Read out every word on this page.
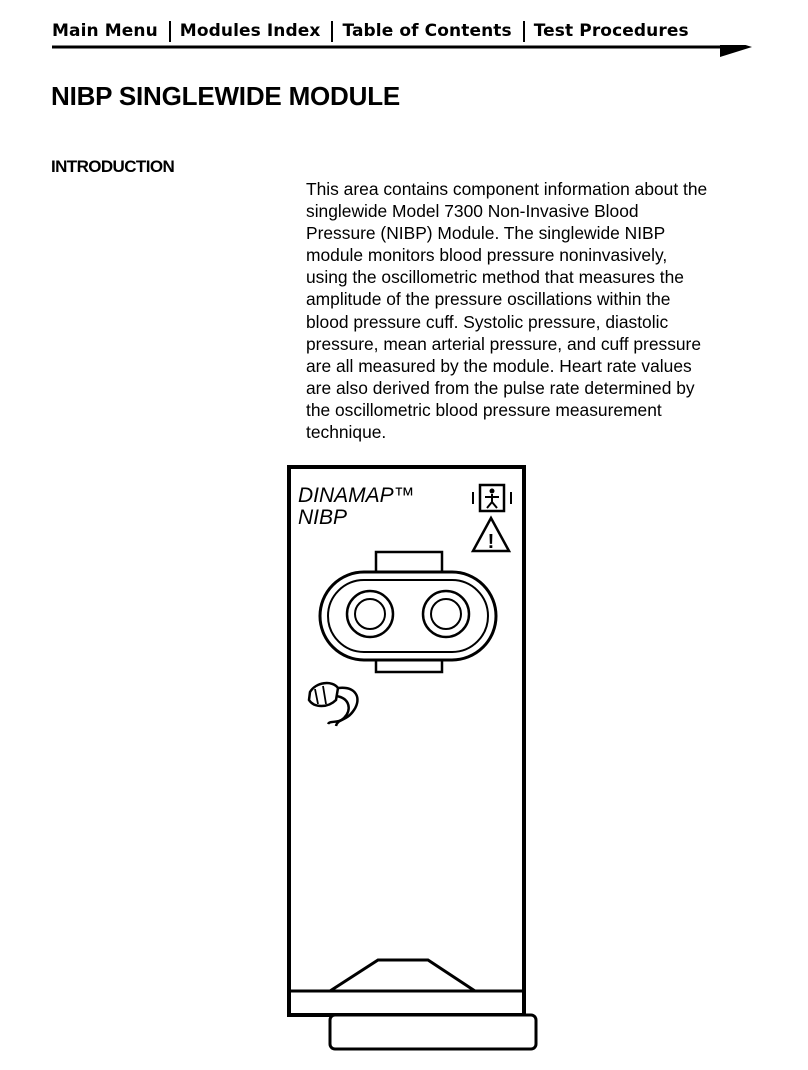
Main Menu Modules Index Table of Contents Test Procedures
NIBP SINGLEWIDE MODULE
INTRODUCTION

This area contains component information about the
singlewide Model 7300 Non-Invasive Blood
Pressure (NIBP) Module. The singlewide NIBP
module monitors blood pressure noninvasively,
using the oscillometric method that measures the
amplitude of the pressure oscillations within the
blood pressure cuff. Systolic pressure, diastolic
pressure, mean arterial pressure, and cuff pressure
are all measured by the module. Heart rate values
are also derived from the pulse rate determined by
the oscillometric blood pressure measurement
technique.

DINAMAP™
NIBP
!
